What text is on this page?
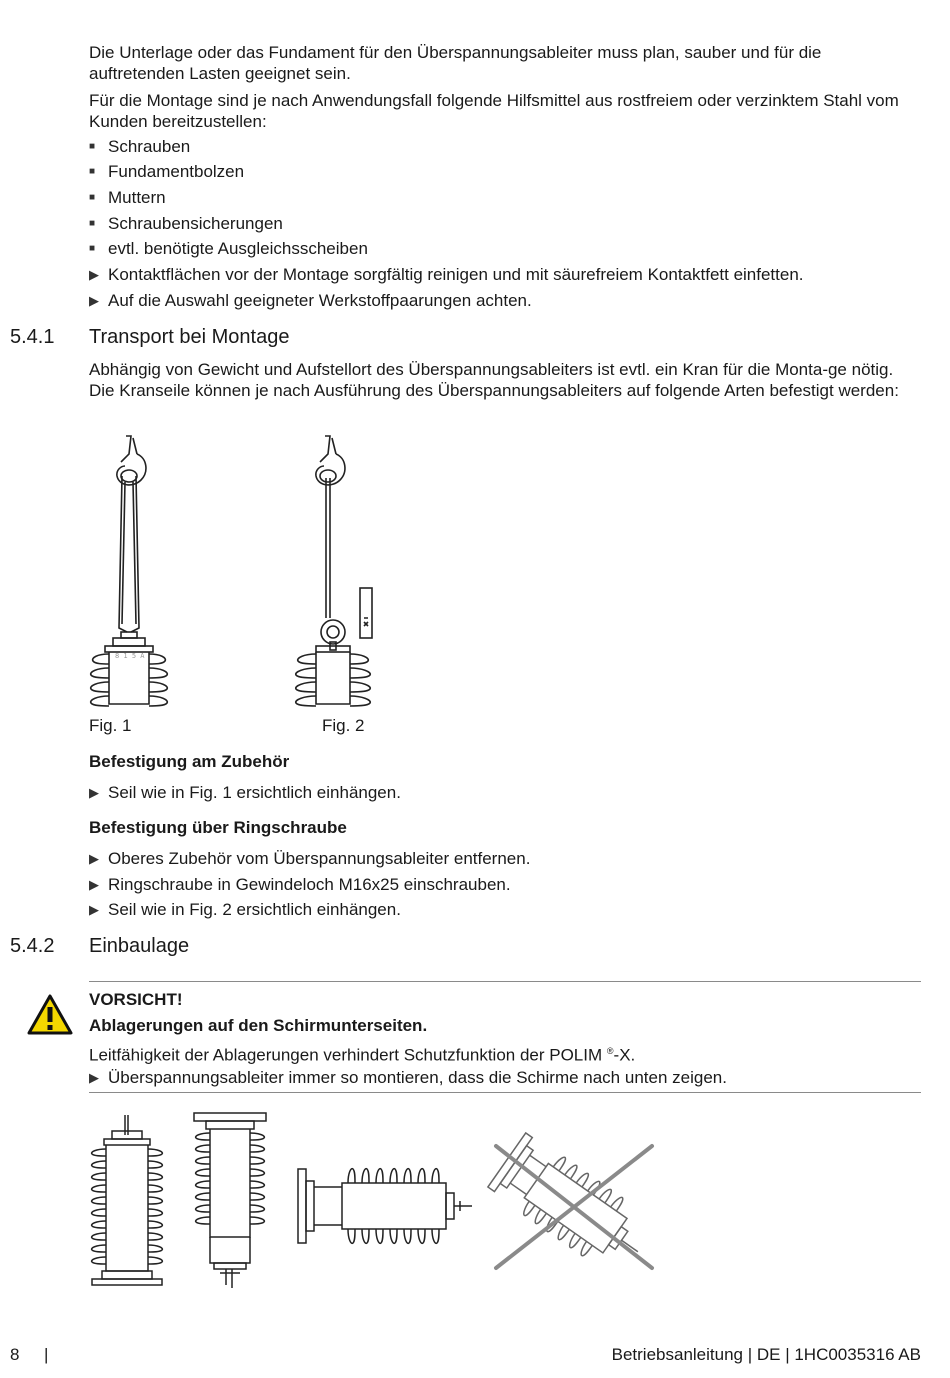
Die Unterlage oder das Fundament für den Überspannungsableiter muss plan, sauber und für die auftretenden Lasten geeignet sein.

Für die Montage sind je nach Anwendungsfall folgende Hilfsmittel aus rostfreiem oder verzinktem Stahl vom Kunden bereitzustellen:

■ Schrauben
■ Fundamentbolzen
■ Muttern
■ Schraubensicherungen
■ evtl. benötigte Ausgleichsscheiben
▶ Kontaktflächen vor der Montage sorgfältig reinigen und mit säurefreiem Kontaktfett einfetten.
▶ Auf die Auswahl geeigneter Werkstoffpaarungen achten.
5.4.1 Transport bei Montage

Abhängig von Gewicht und Aufstellort des Überspannungsableiters ist evtl. ein Kran für die Monta-ge nötig. Die Kranseile können je nach Ausführung des Überspannungsableiters auf folgende Arten befestigt werden:

8 1 5 A
Fig. 1	Fig. 2
Befestigung am Zubehör
▶ Seil wie in Fig. 1 ersichtlich einhängen.
Befestigung über Ringschraube
▶ Oberes Zubehör vom Überspannungsableiter entfernen.
▶ Ringschraube in Gewindeloch M16x25 einschrauben.
▶ Seil wie in Fig. 2 ersichtlich einhängen.
5.4.2 Einbaulage
VORSICHT!
Ablagerungen auf den Schirmunterseiten.
Leitfähigkeit der Ablagerungen verhindert Schutzfunktion der POLIM ®-X.
▶ Überspannungsableiter immer so montieren, dass die Schirme nach unten zeigen.
8 |	Betriebsanleitung | DE | 1HC0035316 AB
